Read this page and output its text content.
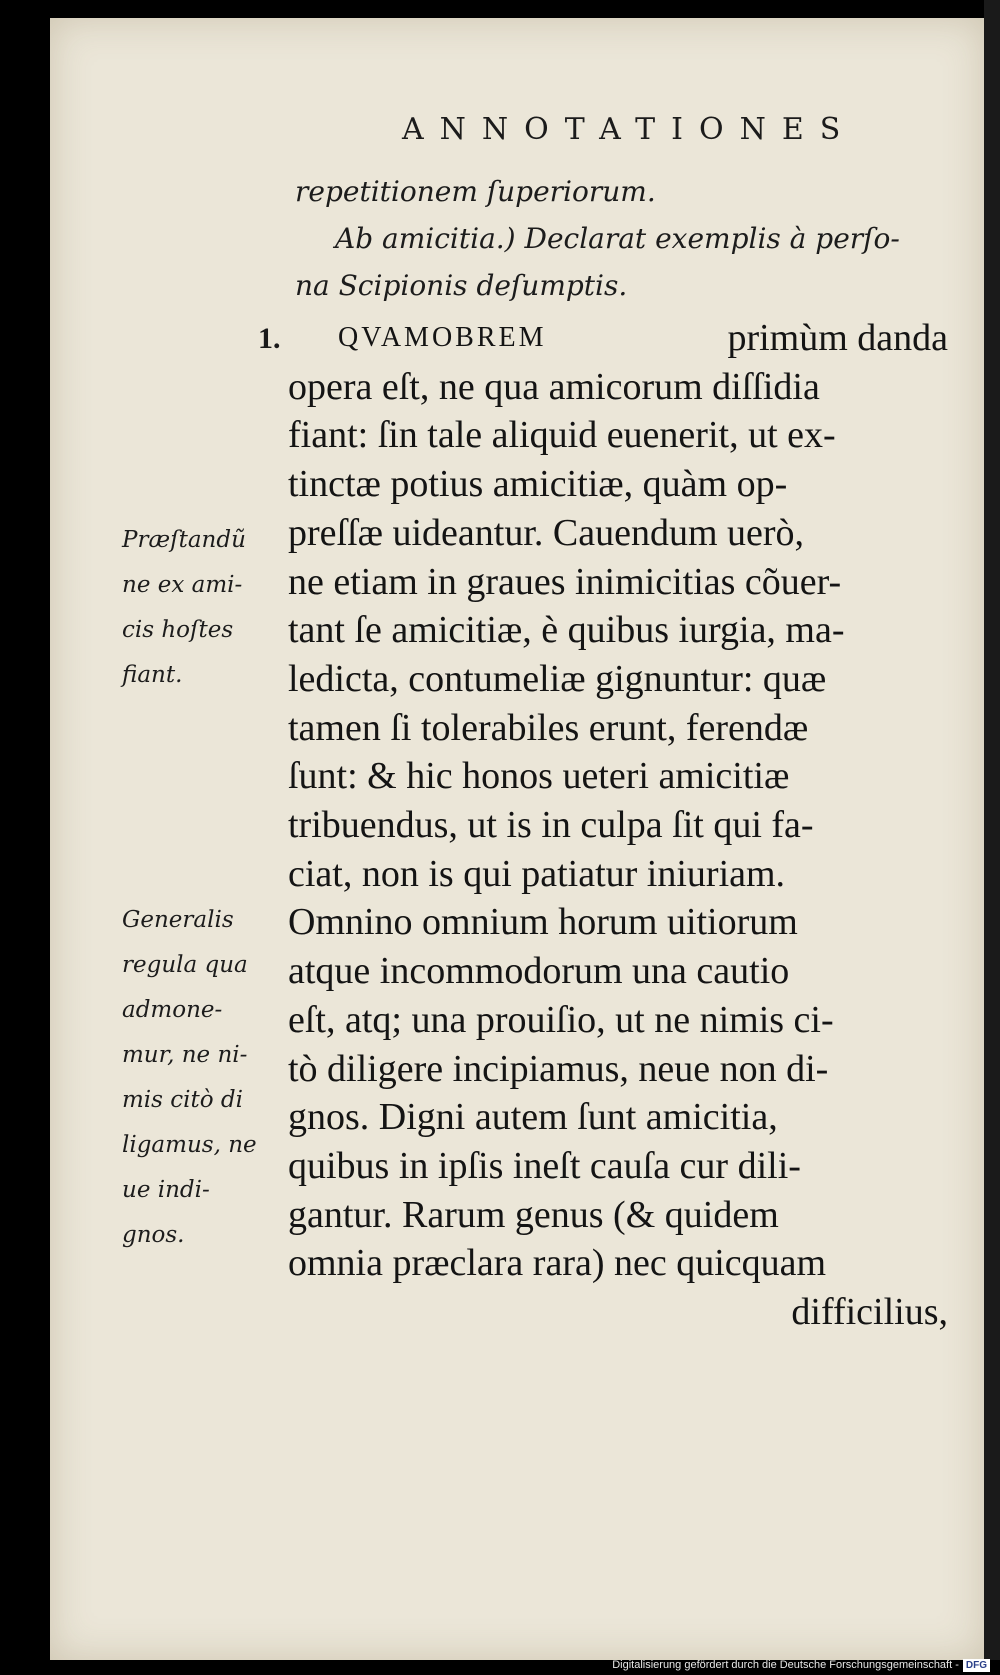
ANNOTATIONES
repetitionem ſuperiorum.
Ab amicitia.) Declarat exemplis à perſo-
na Scipionis deſumptis.
1. QVAMOBREM	primùm danda
opera eſt, ne qua amicorum diſſidia
fiant: ſin tale aliquid euenerit, ut ex-
tinctæ potius amicitiæ, quàm op-
preſſæ uideantur. Cauendum uerò,
ne etiam in graues inimicitias cõuer-
tant ſe amicitiæ, è quibus iurgia, ma-
ledicta, contumeliæ gignuntur: quæ
tamen ſi tolerabiles erunt, ferendæ
ſunt: & hic honos ueteri amicitiæ
tribuendus, ut is in culpa ſit qui fa-
ciat, non is qui patiatur iniuriam.
Omnino omnium horum uitiorum
atque incommodorum una cautio
eſt, atq; una prouiſio, ut ne nimis ci-
tò diligere incipiamus, neue non di-
gnos. Digni autem ſunt amicitia,
quibus in ipſis ineſt cauſa cur dili-
gantur. Rarum genus (& quidem
omnia præclara rara) nec quicquam
difficilius,
Præſtandũ
ne ex ami-
cis hoſtes
fiant.
Generalis
regula qua
admone-
mur, ne ni-
mis citò di
ligamus, ne
ue indi-
gnos.
Digitalisierung gefördert durch die Deutsche Forschungsgemeinschaft - DFG
